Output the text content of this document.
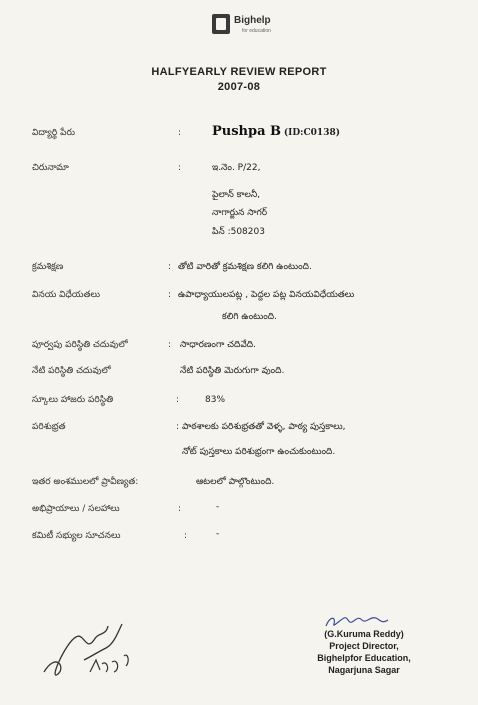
Bighelp
for education
HALFYEARLY REVIEW REPORT
2007-08
విద్యార్థి పేరు	: Pushpa B (ID:C0138)
చిరునామా	:	ఇ.నెం. P/22,
పైలాన్ కాలనీ,
నాగార్జున సాగర్
పిన్ :508203
క్రమశిక్షణ	: తోటి వారితో క్రమశిక్షణ కలిగి ఉంటుంది.
వినయ విధేయతలు	: ఉపాధ్యాయులపట్ల , పెద్దల పట్ల వినయవిధేయతలు
కలిగి ఉంటుంది.
పూర్వపు పరిస్థితి చదువులో	: సాధారణంగా చదివేది.
నేటి పరిస్థితి చదువులో	నేటి పరిస్థితి మెరుగుగా వుంది.
స్కూలు హాజరు పరిస్థితి	:	83%
పరిశుభ్రత	: పాఠశాలకు పరిశుభ్రతతో వెళ్ళ, పాఠ్య పుస్తకాలు,
నోట్ పుస్తకాలు పరిశుభ్రంగా ఉంచుకుంటుంది.
ఇతర అంశములలో ప్రావీణ్యత:	ఆటలలో పాల్గొంటుంది.
అభిప్రాయాలు / సలహాలు	:	-
కమిటీ సభ్యుల సూచనలు	:	-
(G.Kuruma Reddy)
Project Director,
Bighelpfor Education,
Nagarjuna Sagar
